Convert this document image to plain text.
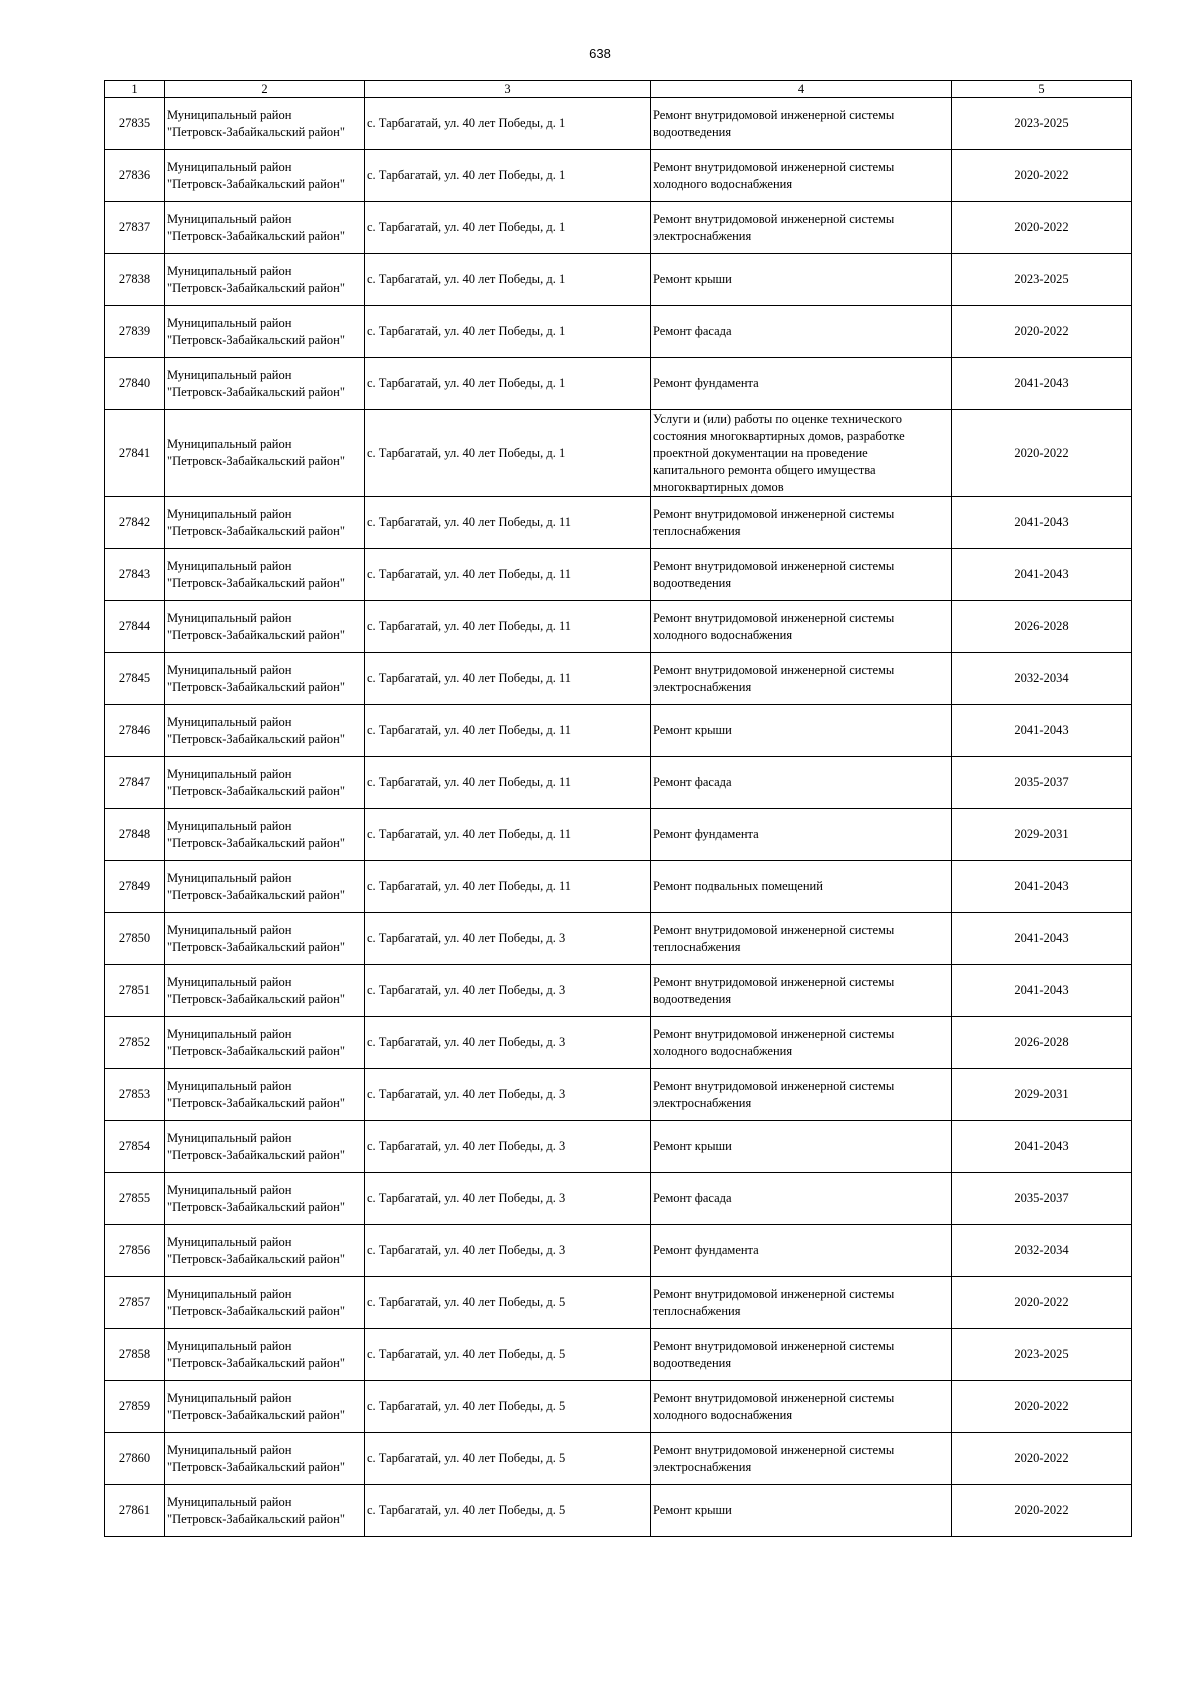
638
1	2	3	4	5

27835	Муниципальный район
"Петровск-Забайкальский район"	с. Тарбагатай, ул. 40 лет Победы, д. 1	Ремонт внутридомовой инженерной системы
водоотведения	2023-2025

27836	Муниципальный район
"Петровск-Забайкальский район"	с. Тарбагатай, ул. 40 лет Победы, д. 1	Ремонт внутридомовой инженерной системы
холодного водоснабжения	2020-2022

27837	Муниципальный район
"Петровск-Забайкальский район"	с. Тарбагатай, ул. 40 лет Победы, д. 1	Ремонт внутридомовой инженерной системы
электроснабжения	2020-2022

27838	Муниципальный район
"Петровск-Забайкальский район"	с. Тарбагатай, ул. 40 лет Победы, д. 1	Ремонт крыши	2023-2025

27839	Муниципальный район
"Петровск-Забайкальский район"	с. Тарбагатай, ул. 40 лет Победы, д. 1	Ремонт фасада	2020-2022

27840	Муниципальный район
"Петровск-Забайкальский район"	с. Тарбагатай, ул. 40 лет Победы, д. 1	Ремонт фундамента	2041-2043

27841	Муниципальный район
"Петровск-Забайкальский район"	с. Тарбагатай, ул. 40 лет Победы, д. 1	Услуги и (или) работы по оценке технического
состояния многоквартирных домов, разработке
проектной документации на проведение
капитального ремонта общего имущества
многоквартирных домов	2020-2022

27842	Муниципальный район
"Петровск-Забайкальский район"	с. Тарбагатай, ул. 40 лет Победы, д. 11	Ремонт внутридомовой инженерной системы
теплоснабжения	2041-2043

27843	Муниципальный район
"Петровск-Забайкальский район"	с. Тарбагатай, ул. 40 лет Победы, д. 11	Ремонт внутридомовой инженерной системы
водоотведения	2041-2043

27844	Муниципальный район
"Петровск-Забайкальский район"	с. Тарбагатай, ул. 40 лет Победы, д. 11	Ремонт внутридомовой инженерной системы
холодного водоснабжения	2026-2028

27845	Муниципальный район
"Петровск-Забайкальский район"	с. Тарбагатай, ул. 40 лет Победы, д. 11	Ремонт внутридомовой инженерной системы
электроснабжения	2032-2034

27846	Муниципальный район
"Петровск-Забайкальский район"	с. Тарбагатай, ул. 40 лет Победы, д. 11	Ремонт крыши	2041-2043

27847	Муниципальный район
"Петровск-Забайкальский район"	с. Тарбагатай, ул. 40 лет Победы, д. 11	Ремонт фасада	2035-2037

27848	Муниципальный район
"Петровск-Забайкальский район"	с. Тарбагатай, ул. 40 лет Победы, д. 11	Ремонт фундамента	2029-2031

27849	Муниципальный район
"Петровск-Забайкальский район"	с. Тарбагатай, ул. 40 лет Победы, д. 11	Ремонт подвальных помещений	2041-2043

27850	Муниципальный район
"Петровск-Забайкальский район"	с. Тарбагатай, ул. 40 лет Победы, д. 3	Ремонт внутридомовой инженерной системы
теплоснабжения	2041-2043

27851	Муниципальный район
"Петровск-Забайкальский район"	с. Тарбагатай, ул. 40 лет Победы, д. 3	Ремонт внутридомовой инженерной системы
водоотведения	2041-2043

27852	Муниципальный район
"Петровск-Забайкальский район"	с. Тарбагатай, ул. 40 лет Победы, д. 3	Ремонт внутридомовой инженерной системы
холодного водоснабжения	2026-2028

27853	Муниципальный район
"Петровск-Забайкальский район"	с. Тарбагатай, ул. 40 лет Победы, д. 3	Ремонт внутридомовой инженерной системы
электроснабжения	2029-2031

27854	Муниципальный район
"Петровск-Забайкальский район"	с. Тарбагатай, ул. 40 лет Победы, д. 3	Ремонт крыши	2041-2043

27855	Муниципальный район
"Петровск-Забайкальский район"	с. Тарбагатай, ул. 40 лет Победы, д. 3	Ремонт фасада	2035-2037

27856	Муниципальный район
"Петровск-Забайкальский район"	с. Тарбагатай, ул. 40 лет Победы, д. 3	Ремонт фундамента	2032-2034

27857	Муниципальный район
"Петровск-Забайкальский район"	с. Тарбагатай, ул. 40 лет Победы, д. 5	Ремонт внутридомовой инженерной системы
теплоснабжения	2020-2022

27858	Муниципальный район
"Петровск-Забайкальский район"	с. Тарбагатай, ул. 40 лет Победы, д. 5	Ремонт внутридомовой инженерной системы
водоотведения	2023-2025

27859	Муниципальный район
"Петровск-Забайкальский район"	с. Тарбагатай, ул. 40 лет Победы, д. 5	Ремонт внутридомовой инженерной системы
холодного водоснабжения	2020-2022

27860	Муниципальный район
"Петровск-Забайкальский район"	с. Тарбагатай, ул. 40 лет Победы, д. 5	Ремонт внутридомовой инженерной системы
электроснабжения	2020-2022

27861	Муниципальный район
"Петровск-Забайкальский район"	с. Тарбагатай, ул. 40 лет Победы, д. 5	Ремонт крыши	2020-2022
